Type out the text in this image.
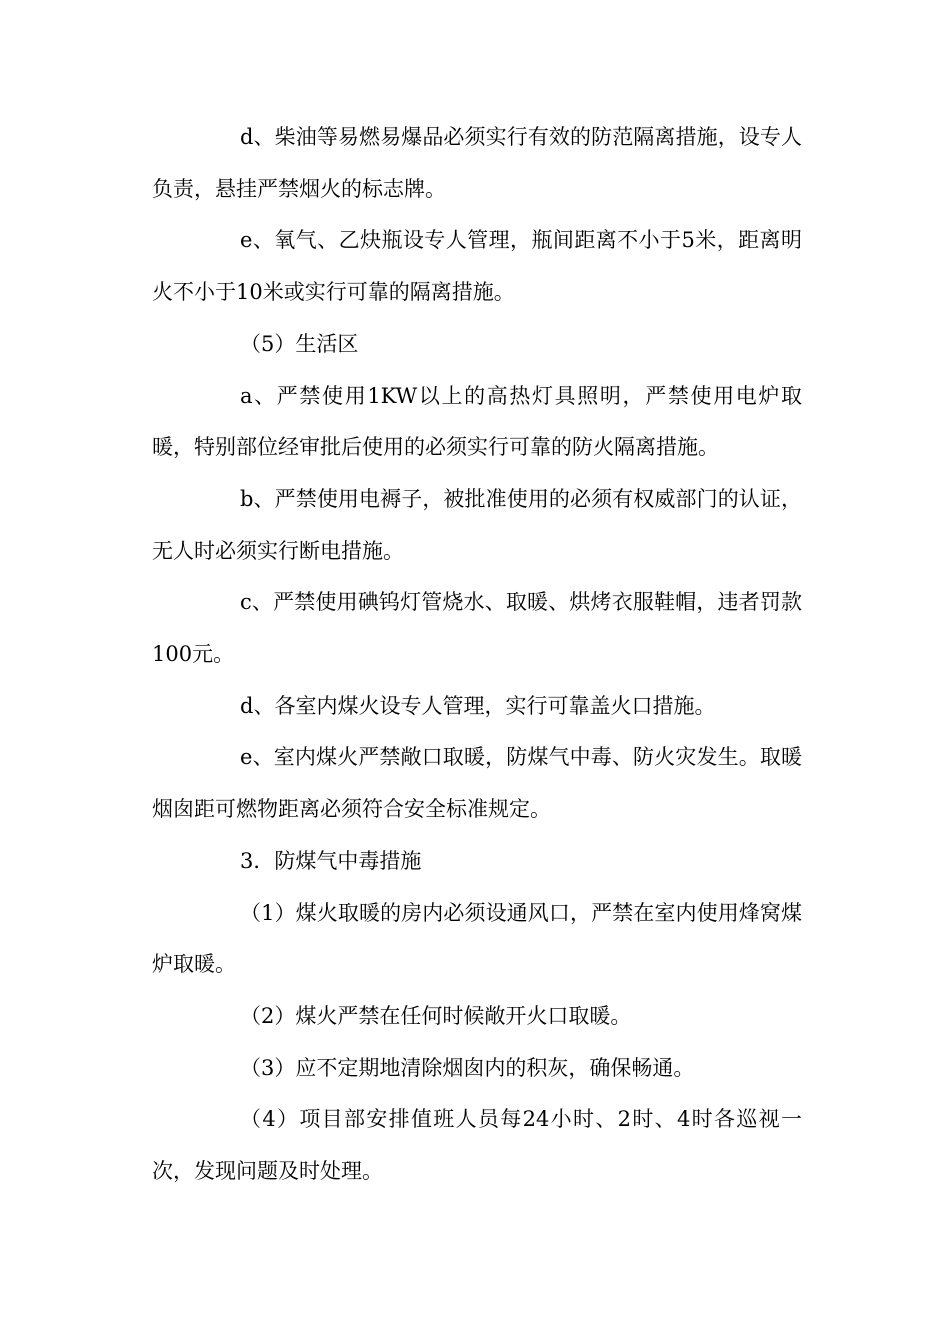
d、柴油等易燃易爆品必须实行有效的防范隔离措施，设专人负责，悬挂严禁烟火的标志牌。

e、氧气、乙炔瓶设专人管理，瓶间距离不小于5米，距离明火不小于10米或实行可靠的隔离措施。

（5）生活区

a、严禁使用1KW以上的高热灯具照明，严禁使用电炉取暖，特别部位经审批后使用的必须实行可靠的防火隔离措施。

b、严禁使用电褥子，被批准使用的必须有权威部门的认证，无人时必须实行断电措施。

c、严禁使用碘钨灯管烧水、取暖、烘烤衣服鞋帽，违者罚款100元。

d、各室内煤火设专人管理，实行可靠盖火口措施。

e、室内煤火严禁敞口取暖，防煤气中毒、防火灾发生。取暖烟囱距可燃物距离必须符合安全标准规定。

3．防煤气中毒措施

（1）煤火取暖的房内必须设通风口，严禁在室内使用烽窝煤炉取暖。

（2）煤火严禁在任何时候敞开火口取暖。

（3）应不定期地清除烟囱内的积灰，确保畅通。

（4）项目部安排值班人员每24小时、2时、4时各巡视一次，发现问题及时处理。
